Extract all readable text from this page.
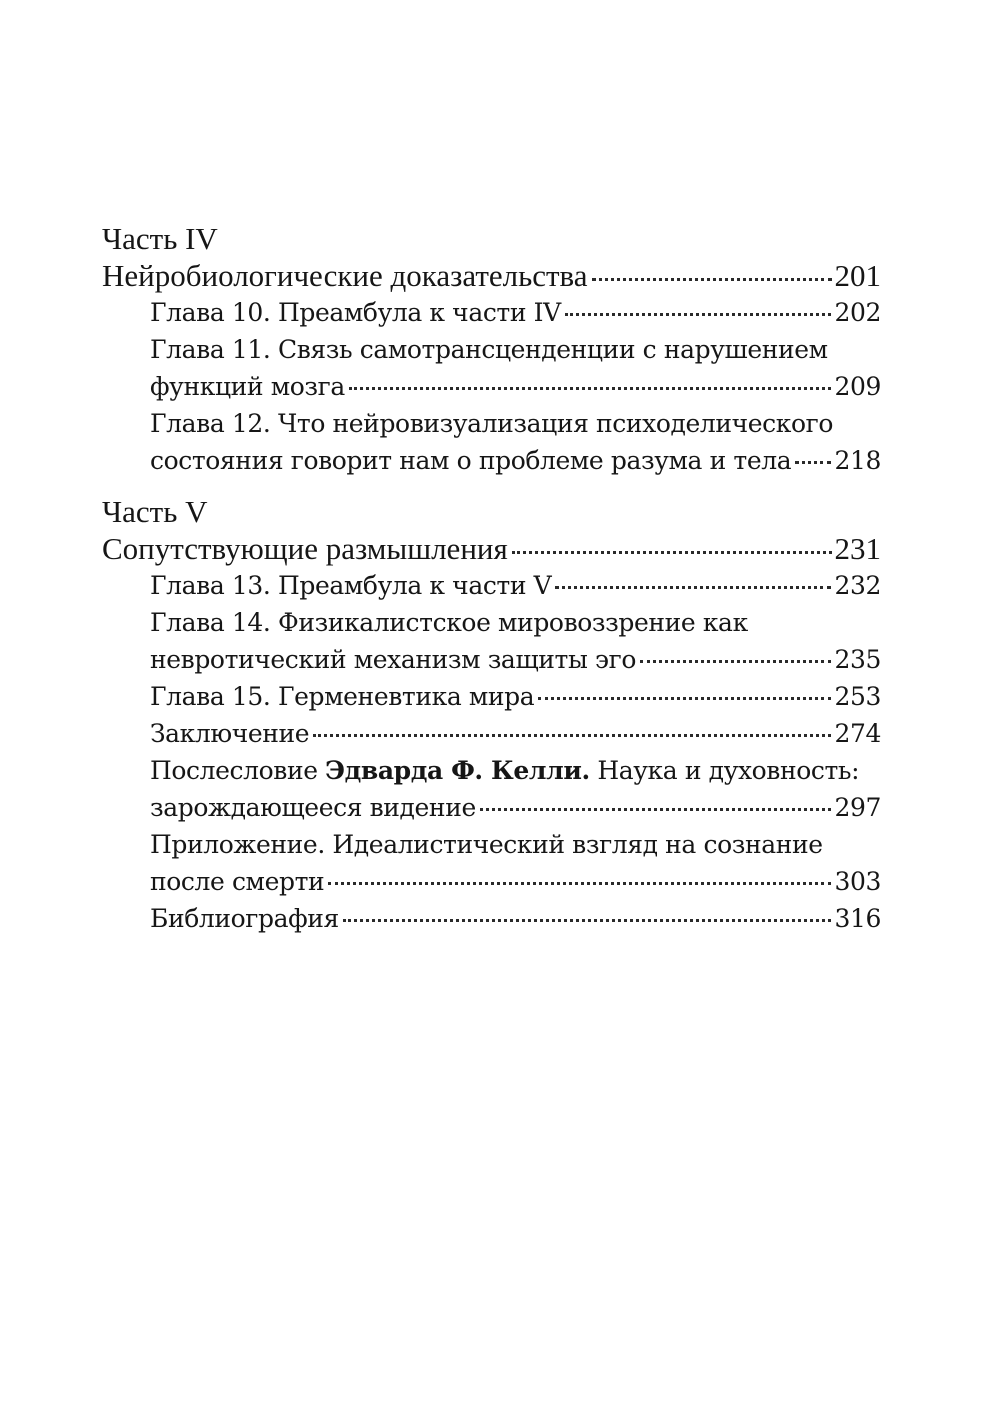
Часть IV
Нейробиологические доказательства	201
Глава 10. Преамбула к части IV	202
Глава 11. Связь самотрансценденции с нарушением
функций мозга	209
Глава 12. Что нейровизуализация психоделического
состояния говорит нам о проблеме разума и тела 218
Часть V
Сопутствующие размышления	231
Глава 13. Преамбула к части V	232
Глава 14. Физикалистское мировоззрение как
невротический механизм защиты эго	235
Глава 15. Герменевтика мира	253
Заключение	274
Послесловие Эдварда Ф. Келли. Наука и духовность:
зарождающееся видение	297
Приложение. Идеалистический взгляд на сознание
после смерти	303
Библиография	316
